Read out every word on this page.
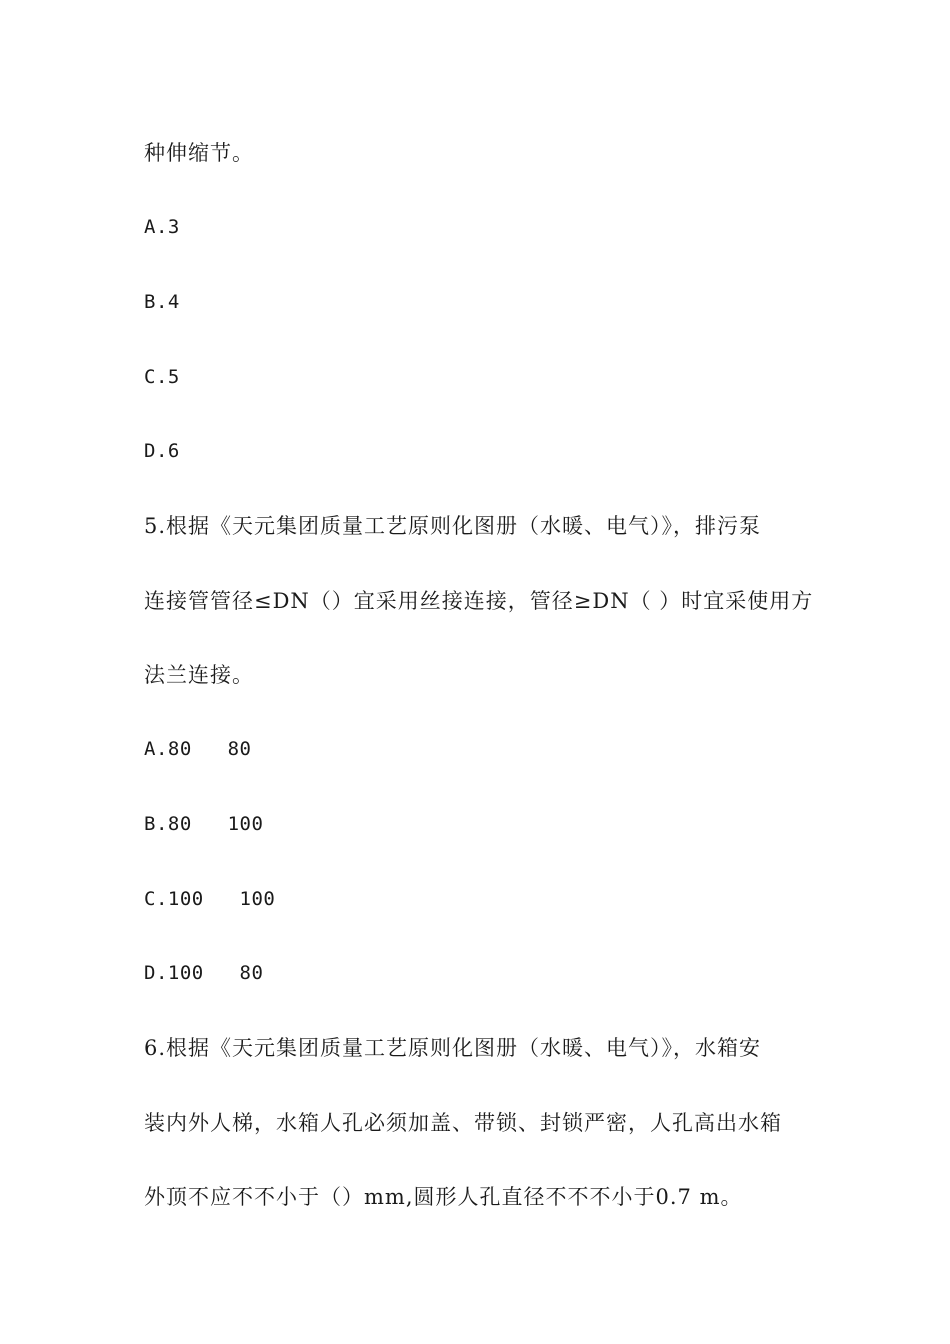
种伸缩节。
A.3
B.4
C.5
D.6
5.根据《天元集团质量工艺原则化图册（水暖、电气）》，排污泵
连接管管径≤DN（）宜采用丝接连接，管径≥DN（ ）时宜采使用方
法兰连接。
A.80   80
B.80   100
C.100   100
D.100   80
6.根据《天元集团质量工艺原则化图册（水暖、电气）》，水箱安
装内外人梯，水箱人孔必须加盖、带锁、封锁严密，人孔高出水箱
外顶不应不不小于（）mm,圆形人孔直径不不不小于0.7 m。
